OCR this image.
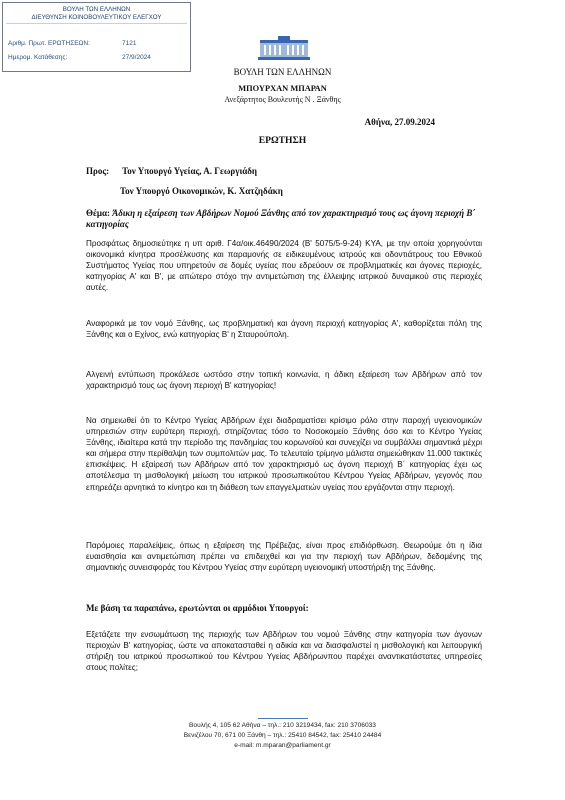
ΒΟΥΛΗ ΤΩΝ ΕΛΛΗΝΩΝ
ΔΙΕΥΘΥΝΣΗ ΚΟΙΝΟΒΟΥΛΕΥΤΙΚΟΥ ΕΛΕΓΧΟΥ
Αριθμ. Πρωτ. ΕΡΩΤΗΣΕΩΝ:	7121
Ημερομ. Κατάθεσης:	27/9/2024
ΒΟΥΛΗ ΤΩΝ ΕΛΛΗΝΩΝ
ΜΠΟΥΡΧΑΝ ΜΠΑΡΑΝ
Ανεξάρτητος Βουλευτής Ν . Ξάνθης
Αθήνα, 27.09.2024
ΕΡΩΤΗΣΗ
Προς: Τον Υπουργό Υγείας, Α. Γεωργιάδη
Τον Υπουργό Οικονομικών, Κ. Χατζηδάκη
Θέμα: Άδικη η εξαίρεση των Αβδήρων Νομού Ξάνθης από τον χαρακτηρισμό τους ως άγονη περιοχή Β΄ κατηγορίας

Προσφάτως δημοσιεύτηκε η υπ αριθ. Γ4α/οικ.46490/2024 (Β' 5075/5-9-24) ΚΥΑ, με την οποία χορηγούνται οικονομικά κίνητρα προσέλκυσης και παραμονής σε ειδικευμένους ιατρούς και οδοντιάτρους του Εθνικού Συστήματος Υγείας που υπηρετούν σε δομές υγείας που εδρεύουν σε προβληματικές και άγονες περιοχές, κατηγορίας Α' και Β', με απώτερο στόχο την αντιμετώπιση της έλλειψης ιατρικού δυναμικού στις περιοχές αυτές.

Αναφορικά με τον νομό Ξάνθης, ως προβληματική και άγονη περιοχή κατηγορίας Α', καθορίζεται πόλη της Ξάνθης και ο Εχίνος, ενώ κατηγορίας Β' η Σταυρούπολη.

Αλγεινή εντύπωση προκάλεσε ωστόσο στην τοπική κοινωνία, η άδικη εξαίρεση των Αβδήρων από τον χαρακτηρισμό τους ως άγονη περιοχή Β' κατηγορίας!

Να σημειωθεί ότι το Κέντρο Υγείας Αβδήρων έχει διαδραματίσει κρίσιμο ρόλο στην παροχή υγειονομικών υπηρεσιών στην ευρύτερη περιοχή, στηρίζοντας τόσο το Νοσοκομείο Ξάνθης όσο και το Κέντρο Υγείας Ξάνθης, ιδιαίτερα κατά την περίοδο της πανδημίας του κορωνοϊού και συνεχίζει να συμβάλλει σημαντικά μέχρι και σήμερα στην περίθαλψη των συμπολιτών μας. Το τελευταίο τρίμηνο μάλιστα σημειώθηκαν 11.000 τακτικές επισκέψεις. Η εξαίρεσή των Αβδήρων από τον χαρακτηρισμό ως άγονη περιοχή Β΄ κατηγορίας έχει ως αποτέλεσμα τη μισθολογική μείωση του ιατρικού προσωπικούτου Κέντρου Υγείας Αβδήρων, γεγονός που επηρεάζει αρνητικά το κίνητρο και τη διάθεση των επαγγελματιών υγείας που εργάζονται στην περιοχή.

Παρόμοιες παραλείψεις, όπως η εξαίρεση της Πρέβεζας, είναι προς επιδιόρθωση. Θεωρούμε ότι η ίδια ευαισθησία και αντιμετώπιση πρέπει να επιδειχθεί και για την περιοχή των Αβδήρων, δεδομένης της σημαντικής συνεισφοράς του Κέντρου Υγείας στην ευρύτερη υγειονομική υποστήριξη της Ξάνθης.

Με βάση τα παραπάνω, ερωτώνται οι αρμόδιοι Υπουργοί:

Εξετάζετε την ενσωμάτωση της περιοχής των Αβδήρων του νομού Ξάνθης στην κατηγορία των άγονων περιοχών Β' κατηγορίας, ώστε να αποκατασταθεί η αδικία και να διασφαλιστεί η μισθολογική και λειτουργική στήριξη του ιατρικού προσωπικού του Κέντρου Υγείας Αβδήρωνπου παρέχει αναντικατάστατες υπηρεσίες στους πολίτες;

Βουλής 4, 105 62 Αθήνα – τηλ.: 210 3219434, fax: 210 3706033
Βενιζέλου 70, 671 00 Ξάνθη – τηλ.: 25410 84542, fax: 25410 24484
e-mail: m.mparan@parliament.gr
